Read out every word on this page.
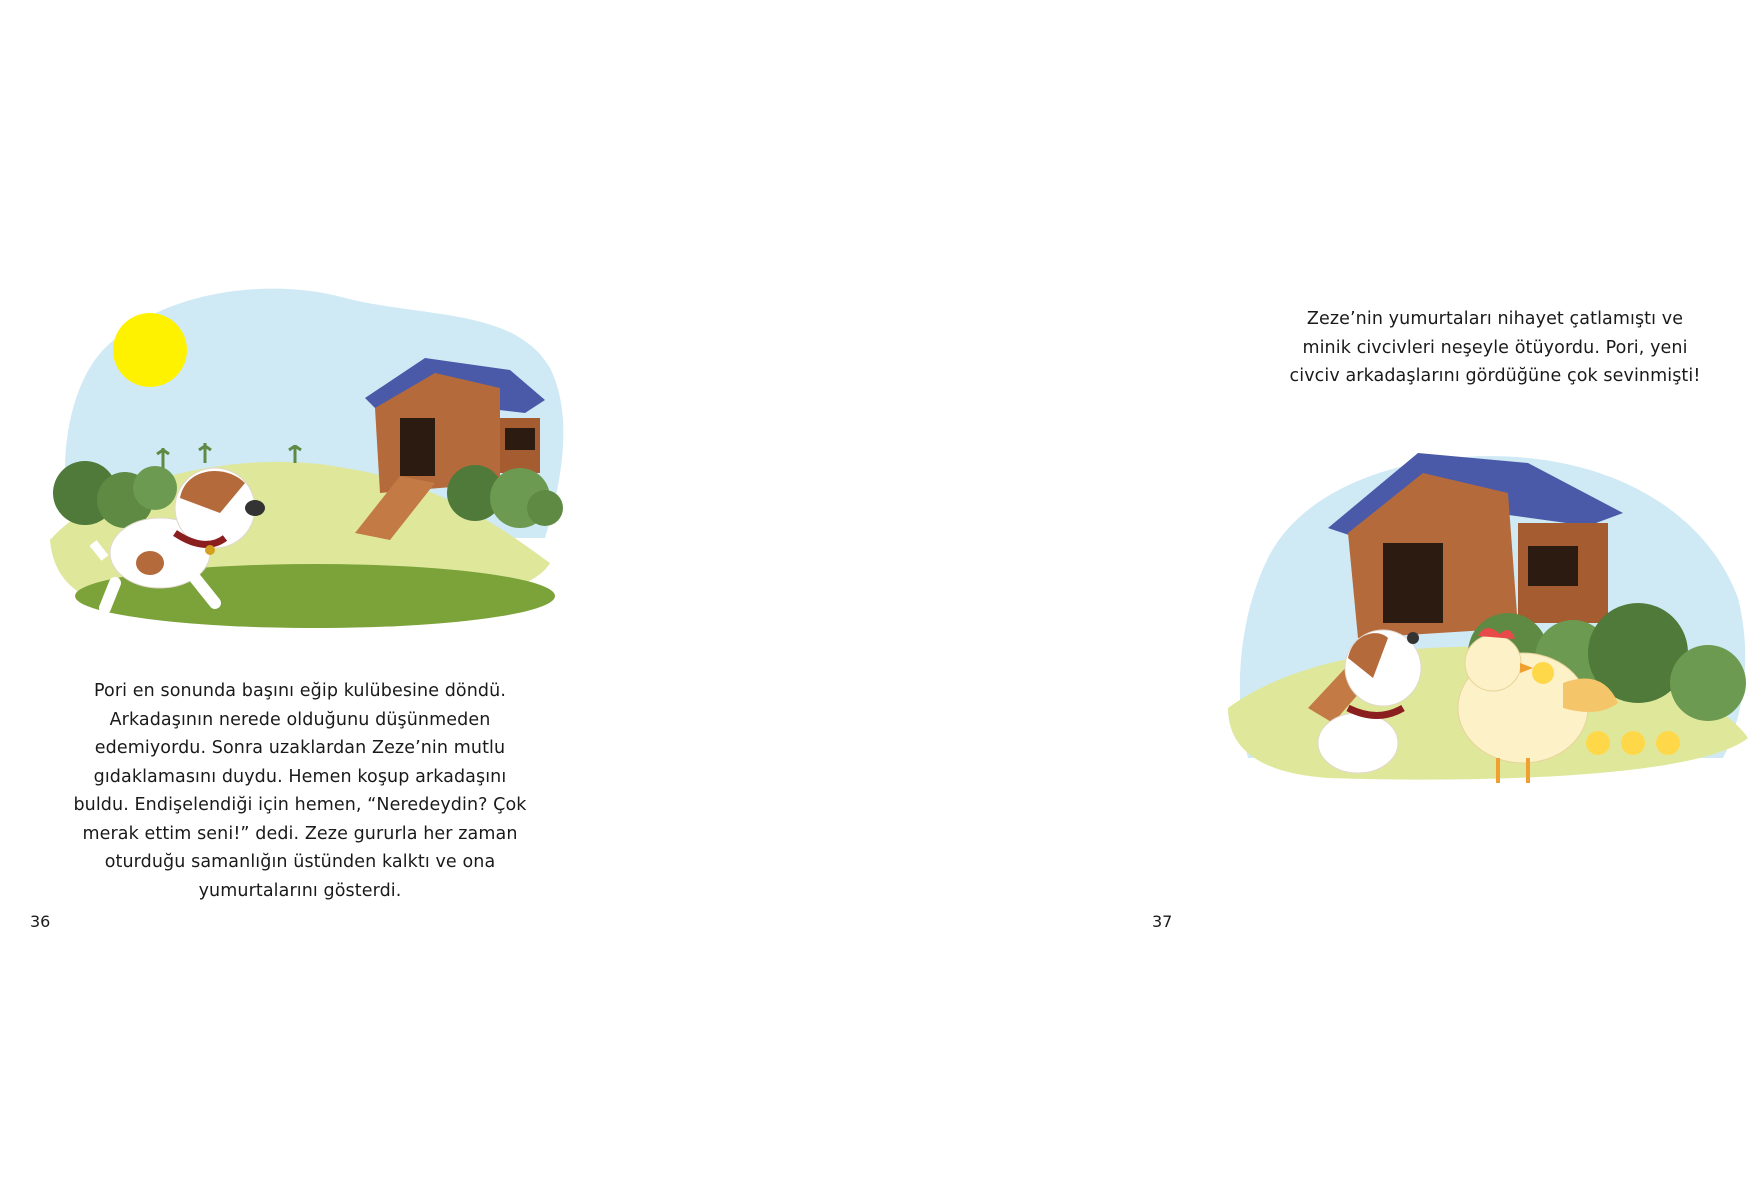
Pori en sonunda başını eğip kulübesine döndü.
Arkadaşının nerede olduğunu düşünmeden
edemiyordu. Sonra uzaklardan Zeze’nin mutlu
gıdaklamasını duydu. Hemen koşup arkadaşını
buldu. Endişelendiği için hemen, “Neredeydin? Çok
merak ettim seni!” dedi. Zeze gururla her zaman
oturduğu samanlığın üstünden kalktı ve ona
yumurtalarını gösterdi.
36
Zeze’nin yumurtaları nihayet çatlamıştı ve
minik civcivleri neşeyle ötüyordu. Pori, yeni
civciv arkadaşlarını gördüğüne çok sevinmişti!
37
